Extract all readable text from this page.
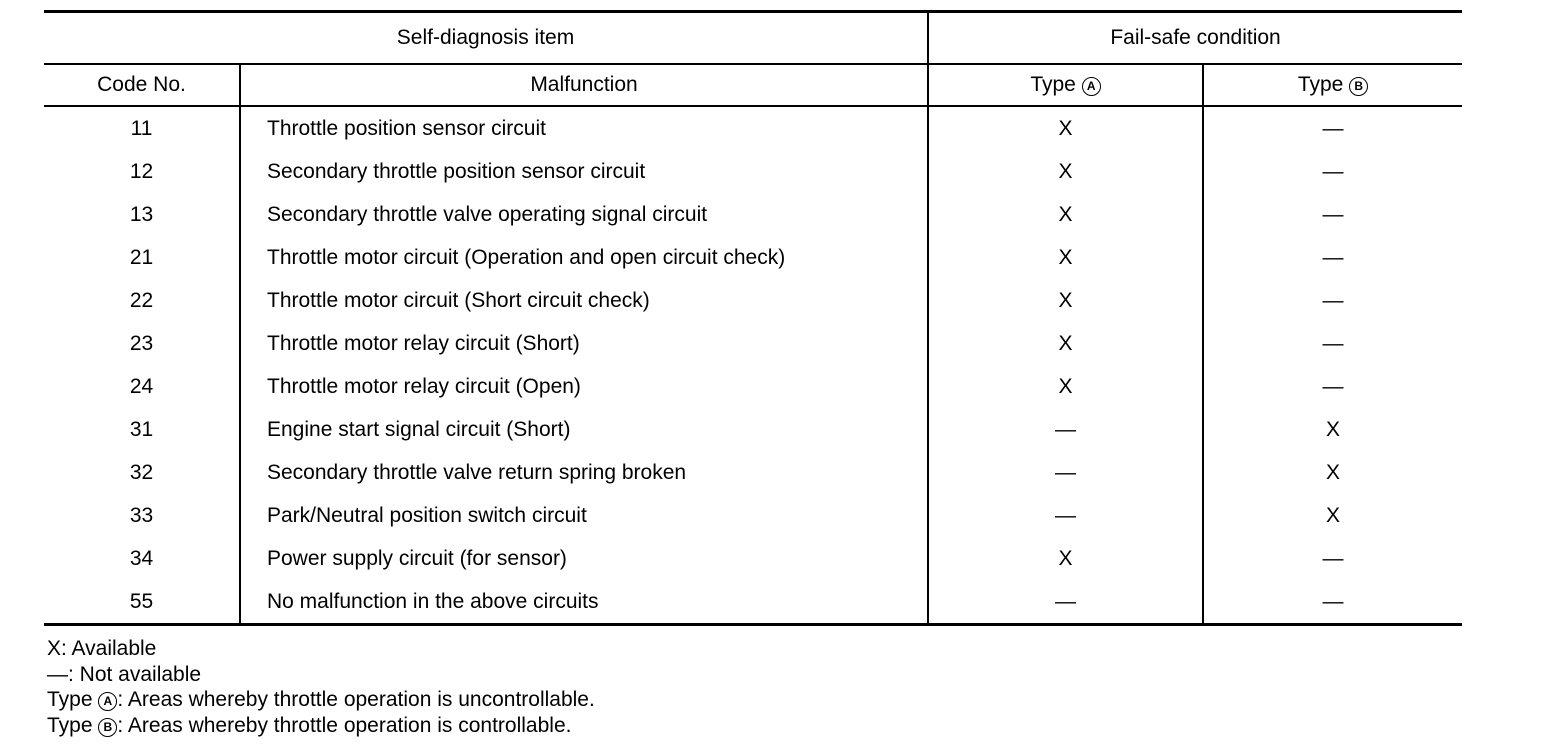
Self-diagnosis item		Fail-safe condition	
Code No.	Malfunction	Type A	Type B
11	Throttle position sensor circuit	X	—
12	Secondary throttle position sensor circuit	X	—
13	Secondary throttle valve operating signal circuit	X	—
21	Throttle motor circuit (Operation and open circuit check)	X	—
22	Throttle motor circuit (Short circuit check)	X	—
23	Throttle motor relay circuit (Short)	X	—
24	Throttle motor relay circuit (Open)	X	—
31	Engine start signal circuit (Short)	—	X
32	Secondary throttle valve return spring broken	—	X
33	Park/Neutral position switch circuit	—	X
34	Power supply circuit (for sensor)	X	—
55	No malfunction in the above circuits	—	—
X: Available
—: Not available
Type A : Areas whereby throttle operation is uncontrollable.
Type B : Areas whereby throttle operation is controllable.
